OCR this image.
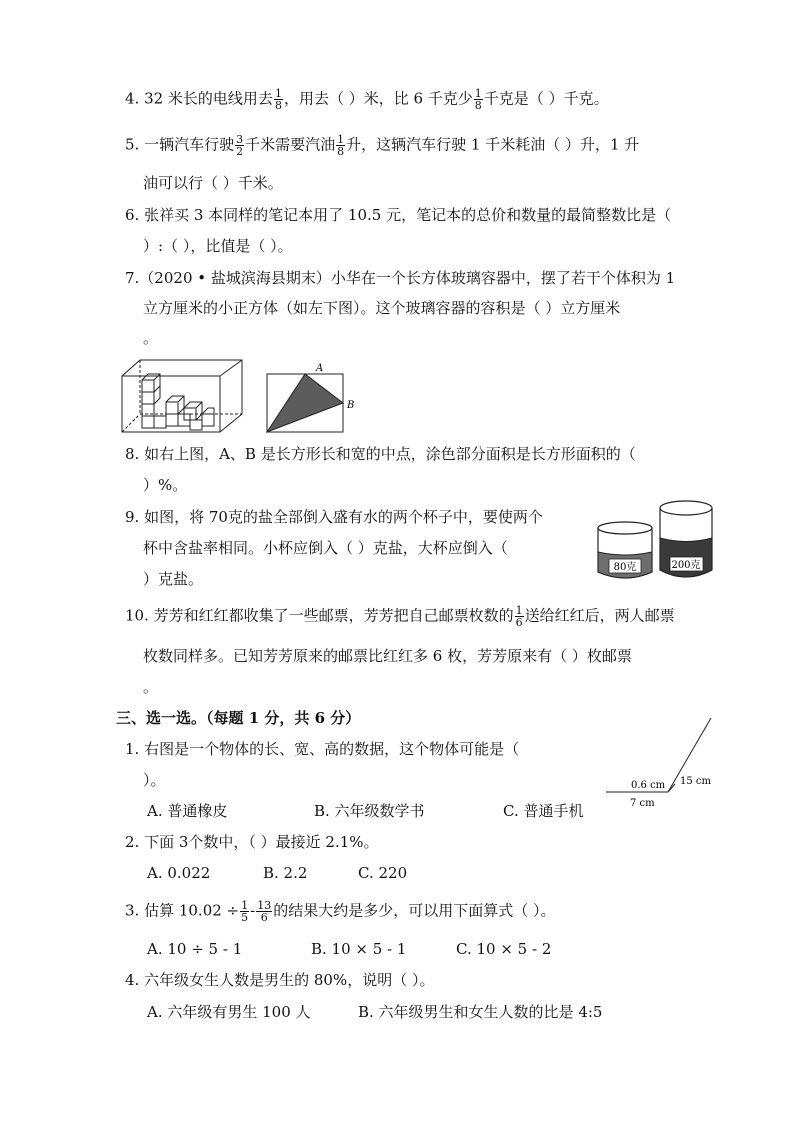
4. 32 米长的电线用去 $\frac{1}{8}$ ，用去（ ）米，比 6 千克少 $\frac{1}{8}$ 千克是（ ）千克。
5. 一辆汽车行驶 $\frac{3}{2}$ 千米需要汽油 $\frac{1}{8}$ 升，这辆汽车行驶 1 千米耗油（ ）升，1 升
油可以行（ ）千米。
6. 张祥买 3 本同样的笔记本用了 10.5 元，笔记本的总价和数量的最简整数比是（
）:（ ），比值是（ ）。
7.（2020 • 盐城滨海县期末）小华在一个长方体玻璃容器中，摆了若干个体积为 1
立方厘米的小正方体（如左下图）。这个玻璃容器的容积是（ ）立方厘米
。
A
B
8. 如右上图，A、B 是长方形长和宽的中点，涂色部分面积是长方形面积的（
）%。
9. 如图，将 70克的盐全部倒入盛有水的两个杯子中，要使两个
杯中含盐率相同。小杯应倒入（ ）克盐，大杯应倒入（
）克盐。
80克	200克
10. 芳芳和红红都收集了一些邮票，芳芳把自己邮票枚数的 $\frac{1}{6}$ 送给红红后，两人邮票
枚数同样多。已知芳芳原来的邮票比红红多 6 枚，芳芳原来有（ ）枚邮票
。
三、选一选。（每题 1 分，共 6 分）
1. 右图是一个物体的长、宽、高的数据，这个物体可能是（
）。
A. 普通橡皮	B. 六年级数学书	C. 普通手机
15 cm
0.6 cm
7 cm
2. 下面 3个数中，（ ）最接近 2.1%。
A. 0.022	B. 2.2	C. 220
3. 估算 $10.02 \div \frac{1}{5} - \frac{13}{6}$ 的结果大约是多少，可以用下面算式（ ）。
A. 10 ÷ 5 - 1	B. 10 × 5 - 1	C. 10 × 5 - 2
4. 六年级女生人数是男生的 80%，说明（ ）。
A. 六年级有男生 100 人	B. 六年级男生和女生人数的比是 4:5
